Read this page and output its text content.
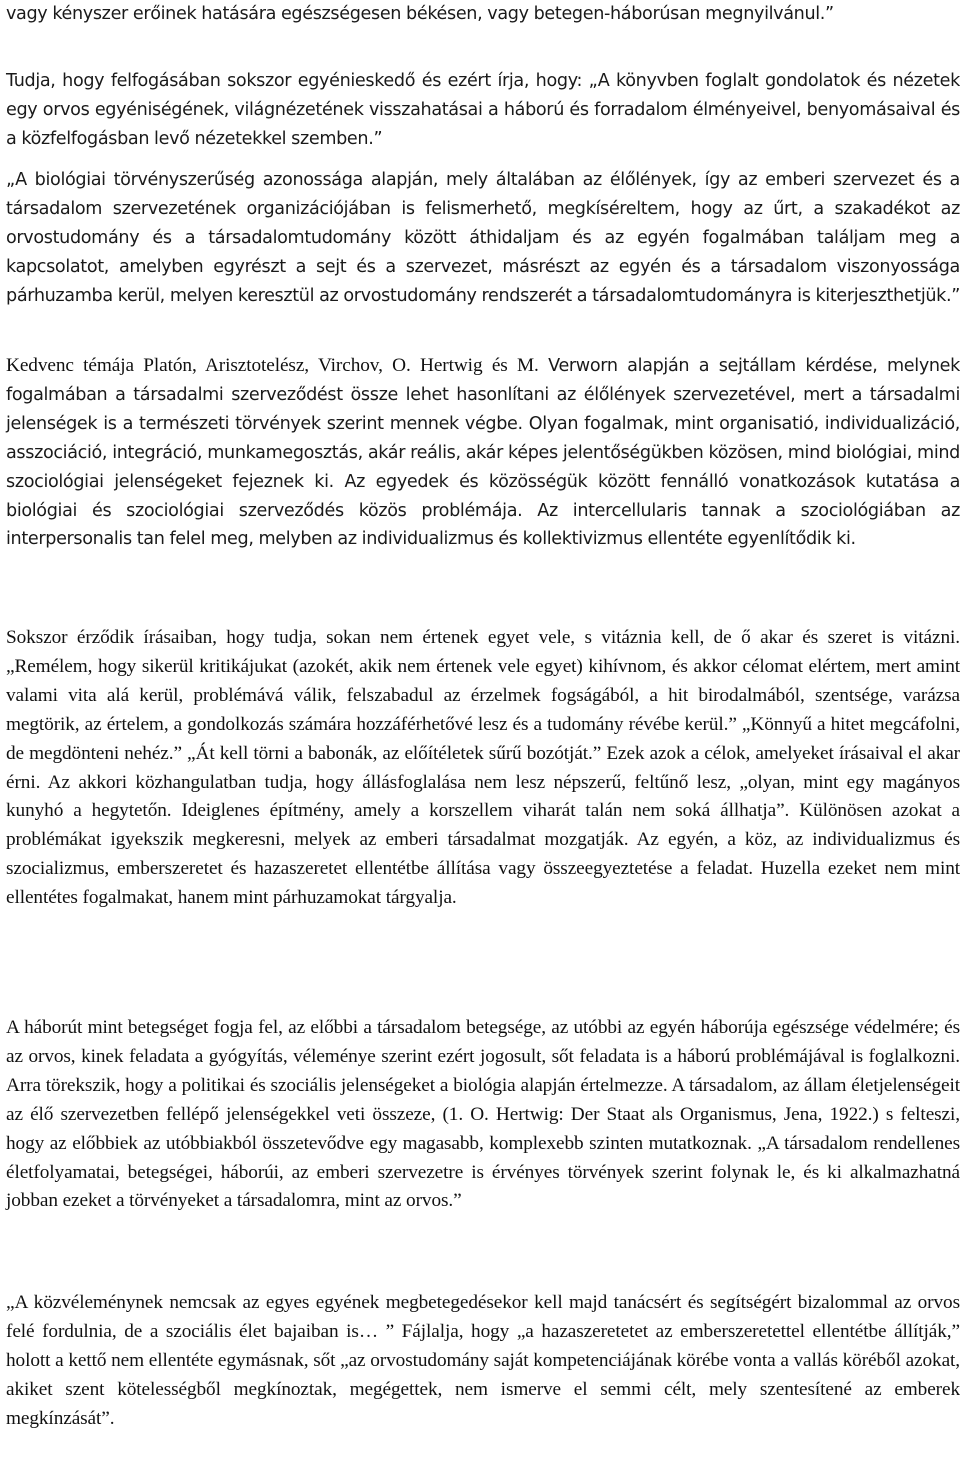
vagy kényszer erőinek hatására egészségesen békésen, vagy betegen-háborúsan megnyilvánul.”

Tudja, hogy felfogásában sokszor egyénieskedő és ezért írja, hogy: „A könyvben foglalt gondolatok és nézetek egy orvos egyéniségének, világnézetének visszahatásai a háború és forradalom élményeivel, benyomásaival és a közfelfogásban levő nézetekkel szemben.”

„A biológiai törvényszerűség azonossága alapján, mely általában az élőlények, így az emberi szervezet és a társadalom szervezetének organizációjában is felismerhető, megkíséreltem, hogy az űrt, a szakadékot az orvostudomány és a társadalomtudomány között áthidaljam és az egyén fogalmában találjam meg a kapcsolatot, amelyben egyrészt a sejt és a szervezet, másrészt az egyén és a társadalom viszonyossága párhuzamba kerül, melyen keresztül az orvostudomány rendszerét a társadalomtudományra is kiterjeszthetjük.”

Kedvenc témája Platón, Arisztotelész, Virchov, O. Hertwig és M. Verworn alapján a sejtállam kérdése, melynek fogalmában a társadalmi szerveződést össze lehet hasonlítani az élőlények szervezetével, mert a társadalmi jelenségek is a természeti törvények szerint mennek végbe. Olyan fogalmak, mint organisatió, individualizáció, asszociáció, integráció, munkamegosztás, akár reális, akár képes jelentőségükben közösen, mind biológiai, mind szociológiai jelenségeket fejeznek ki. Az egyedek és közösségük között fennálló vonatkozások kutatása a biológiai és szociológiai szerveződés közös problémája. Az intercellularis tannak a szociológiában az interpersonalis tan felel meg, melyben az individualizmus és kollektivizmus ellentéte egyenlítődik ki.

Sokszor érződik írásaiban, hogy tudja, sokan nem értenek egyet vele, s vitáznia kell, de ő akar és szeret is vitázni. „Remélem, hogy sikerül kritikájukat (azokét, akik nem értenek vele egyet) kihívnom, és akkor célomat elértem, mert amint valami vita alá kerül, problémává válik, felszabadul az érzelmek fogságából, a hit birodalmából, szentsége, varázsa megtörik, az értelem, a gondolkozás számára hozzáférhetővé lesz és a tudomány révébe kerül.” „Könnyű a hitet megcáfolni, de megdönteni nehéz.” „Át kell törni a babonák, az előítéletek sűrű bozótját.” Ezek azok a célok, amelyeket írásaival el akar érni. Az akkori közhangulatban tudja, hogy állásfoglalása nem lesz népszerű, feltűnő lesz, „olyan, mint egy magányos kunyhó a hegytetőn. Ideiglenes építmény, amely a korszellem viharát talán nem soká állhatja”. Különösen azokat a problémákat igyekszik megkeresni, melyek az emberi társadalmat mozgatják. Az egyén, a köz, az individualizmus és szocializmus, emberszeretet és hazaszeretet ellentétbe állítása vagy összeegyeztetése a feladat. Huzella ezeket nem mint ellentétes fogalmakat, hanem mint párhuzamokat tárgyalja.

A háborút mint betegséget fogja fel, az előbbi a társadalom betegsége, az utóbbi az egyén háborúja egészsége védelmére; és az orvos, kinek feladata a gyógyítás, véleménye szerint ezért jogosult, sőt feladata is a háború problémájával is foglalkozni. Arra törekszik, hogy a politikai és szociális jelenségeket a biológia alapján értelmezze. A társadalom, az állam életjelenségeit az élő szervezetben fellépő jelenségekkel veti összeze, (1. O. Hertwig: Der Staat als Organismus, Jena, 1922.) s felteszi, hogy az előbbiek az utóbbiakból összetevődve egy magasabb, komplexebb szinten mutatkoznak. „A társadalom rendellenes életfolyamatai, betegségei, háborúi, az emberi szervezetre is érvényes törvények szerint folynak le, és ki alkalmazhatná jobban ezeket a törvényeket a társadalomra, mint az orvos.”

„A közvéleménynek nemcsak az egyes egyének megbetegedésekor kell majd tanácsért és segítségért bizalommal az orvos felé fordulnia, de a szociális élet bajaiban is… ” Fájlalja, hogy „a hazaszeretetet az emberszeretettel ellentétbe állítják,” holott a kettő nem ellentéte egymásnak, sőt „az orvostudomány saját kompetenciájának körébe vonta a vallás köréből azokat, akiket szent kötelességből megkínoztak, megégettek, nem ismerve el semmi célt, mely szentesítené az emberek megkínzását”.
